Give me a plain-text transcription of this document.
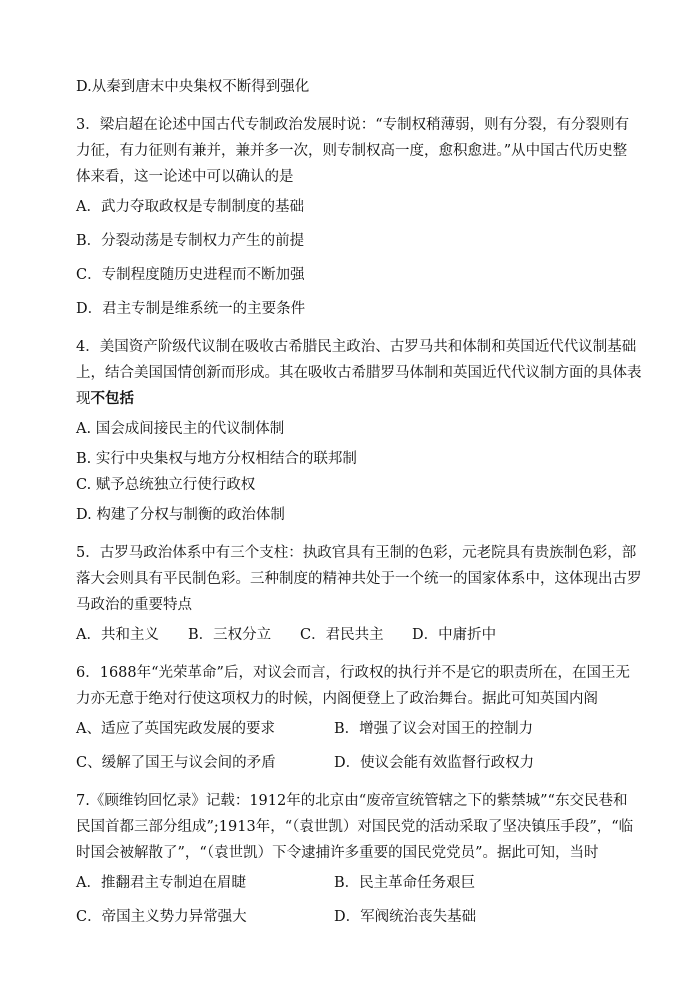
D.从秦到唐末中央集权不断得到强化
3．梁启超在论述中国古代专制政治发展时说：“专制权稍薄弱，则有分裂，有分裂则有
力征，有力征则有兼并，兼并多一次，则专制权高一度，愈积愈进。”从中国古代历史整
体来看，这一论述中可以确认的是
A．武力夺取政权是专制制度的基础
B．分裂动荡是专制权力产生的前提
C．专制程度随历史进程而不断加强
D．君主专制是维系统一的主要条件
4．美国资产阶级代议制在吸收古希腊民主政治、古罗马共和体制和英国近代代议制基础
上，结合美国国情创新而形成。其在吸收古希腊罗马体制和英国近代代议制方面的具体表
现不包括
A. 国会成间接民主的代议制体制
B. 实行中央集权与地方分权相结合的联邦制
C. 赋予总统独立行使行政权
D. 构建了分权与制衡的政治体制
5．古罗马政治体系中有三个支柱：执政官具有王制的色彩，元老院具有贵族制色彩，部
落大会则具有平民制色彩。三种制度的精神共处于一个统一的国家体系中，这体现出古罗
马政治的重要特点
A．共和主义	B．三权分立	C．君民共主	D．中庸折中
6．1688年“光荣革命”后，对议会而言，行政权的执行并不是它的职责所在，在国王无
力亦无意于绝对行使这项权力的时候，内阁便登上了政治舞台。据此可知英国内阁
A、适应了英国宪政发展的要求	B．增强了议会对国王的控制力
C、缓解了国王与议会间的矛盾	D．使议会能有效监督行政权力
7.《顾维钧回忆录》记载：1912年的北京由“废帝宣统管辖之下的紫禁城”“东交民巷和
民国首都三部分组成”;1913年，“（袁世凯）对国民党的活动采取了坚决镇压手段”，“临
时国会被解散了”，“（袁世凯）下令逮捕许多重要的国民党党员”。据此可知，当时
A．推翻君主专制迫在眉睫	B．民主革命任务艰巨
C．帝国主义势力异常强大	D．军阀统治丧失基础
